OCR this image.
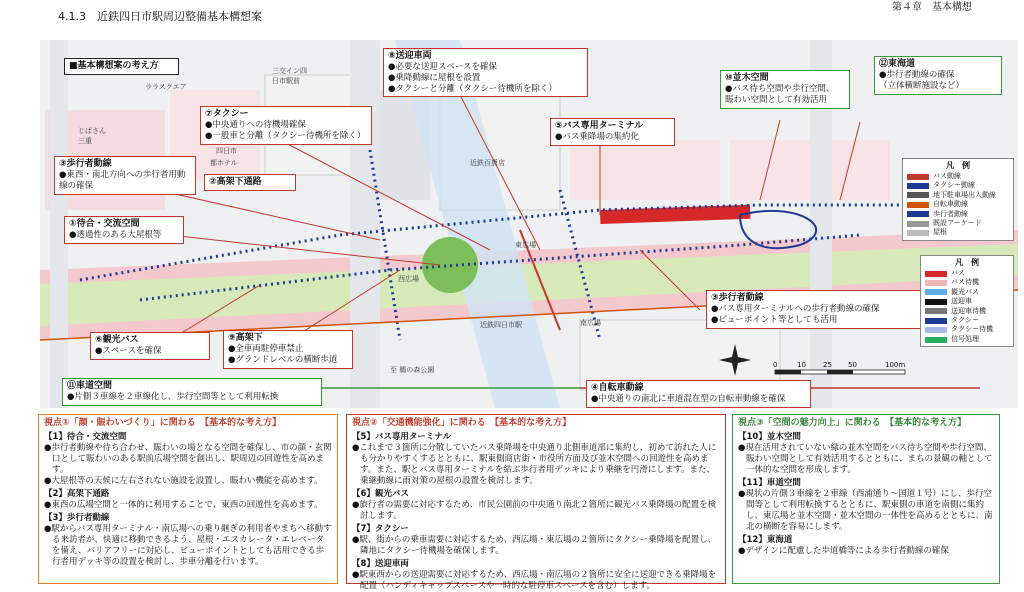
4.1.3　近鉄四日市駅周辺整備基本構想案
第４章　基本構想
■基本構想案の考え方
ララスクエア
じばさん三重
三交イン四日市駅前
都ホテル
四日市
近鉄百貨店
東広場
南広場
西広場
近鉄四日市駅
至 鵜の森公園
⑧送迎車両
●必要な送迎スペースを確保
●乗降動線に屋根を設置
●タクシーと分離（タクシー待機所を除く）
⑦タクシー
●中央通りへの待機場確保
●一般車と分離（タクシー待機所を除く）
⑩並木空間
●バス待ち空間や歩行空間、
賑わい空間として有効活用
⑫東海道
●歩行者動線の確保
（立体横断施設など）
⑤バス専用ターミナル
●バス乗降場の集約化
③歩行者動線
●東西・南北方向への歩行者用動
線の確保	②高架下通路
①待合・交流空間
●透過性のある大屋根等
③歩行者動線
●バス専用ターミナルへの歩行者動線の確保
●ビューポイント等としても活用
⑥観光バス
●スペースを確保
⑨高架下
●全車両駐停車禁止
●グランドレベルの横断歩道
⑪車道空間
●片側３車線を２車線化し、歩行空間等として利用転換
④自転車動線
●中央通りの南北に車道混在型の自転車動線を確保
凡　例
バス動線
タクシー動線
地下駐車場出入動線
自転車動線
歩行者動線
既設アーケード
屋根
凡　例
バス
バス待機
観光バス
送迎車
送迎車待機
タクシー
タクシー待機
信号処理
0	10 25 50	100m
視点①「顔・賑わいづくり」に関わる　【基本的な考え方】
【1】待合・交流空間
●歩行者動線や待ち合わせ、賑わいの場となる空間を確保し、市の顔・玄関口として賑わいのある駅前広場空間を創出し、駅周辺の回遊性を高めます。
●大屋根等の天候に左右されない施設を設置し、賑わい機能を高めます。
【2】高架下通路
●東西の広場空間と一体的に利用することで、東西の回遊性を高めます。
【3】歩行者動線
●駅からバス専用ターミナル・南広場への乗り継ぎの利用者やまちへ移動する来訪者が、快適に移動できるよう、屋根・エスカレータ・エレベータを備え、バリアフリーに対応し、ビューポイントとしても活用できる歩行者用デッキ等の設置を検討し、歩車分離を行います。
視点②「交通機能強化」に関わる　【基本的な考え方】
【5】バス専用ターミナル
●これまで３箇所に分散していたバス乗降場を中央通り北側車道部に集約し、初めて訪れた人にも分かりやすくするとともに、駅東側商店街・市役所方面及び並木空間への回遊性を高めます。また、駅とバス専用ターミナルを結ぶ歩行者用デッキにより乗継を円滑にします。また、乗継動線に雨対策の屋根の設置を検討します。
【6】観光バス
●旅行者の需要に対応するため、市民公園前の中央通り南北２箇所に観光バス乗降場の配置を検討します。
【7】タクシー
●駅、街からの乗車需要に対応するため、西広場・東広場の２箇所にタクシー乗降場を配置し、隣地にタクシー待機場を確保します。
【8】送迎車両
●駅東西からの送迎需要に対応するため、西広場・南広場の２箇所に安全に送迎できる乗降場を配置（ハンディキャップスペースや一時的な駐停車スペースを含む）します。
視点③「空間の魅力向上」に関わる　【基本的な考え方】
【10】並木空間
●現在活用されていない緑の並木空間をバス待ち空間や歩行空間、賑わい空間として有効活用するとともに、まちの景観の軸として一体的な空間を形成します。
【11】車道空間
●現状の片側３車線を２車線（西浦通り〜国道１号）にし、歩行空間等として利用転換するとともに、駅東側の車道を南側に集約し、東広場と並木空間・並木空間の一体性を高めるとともに、南北の横断を容易にします。
【12】東海道
●デザインに配慮した歩道橋等による歩行者動線の確保
